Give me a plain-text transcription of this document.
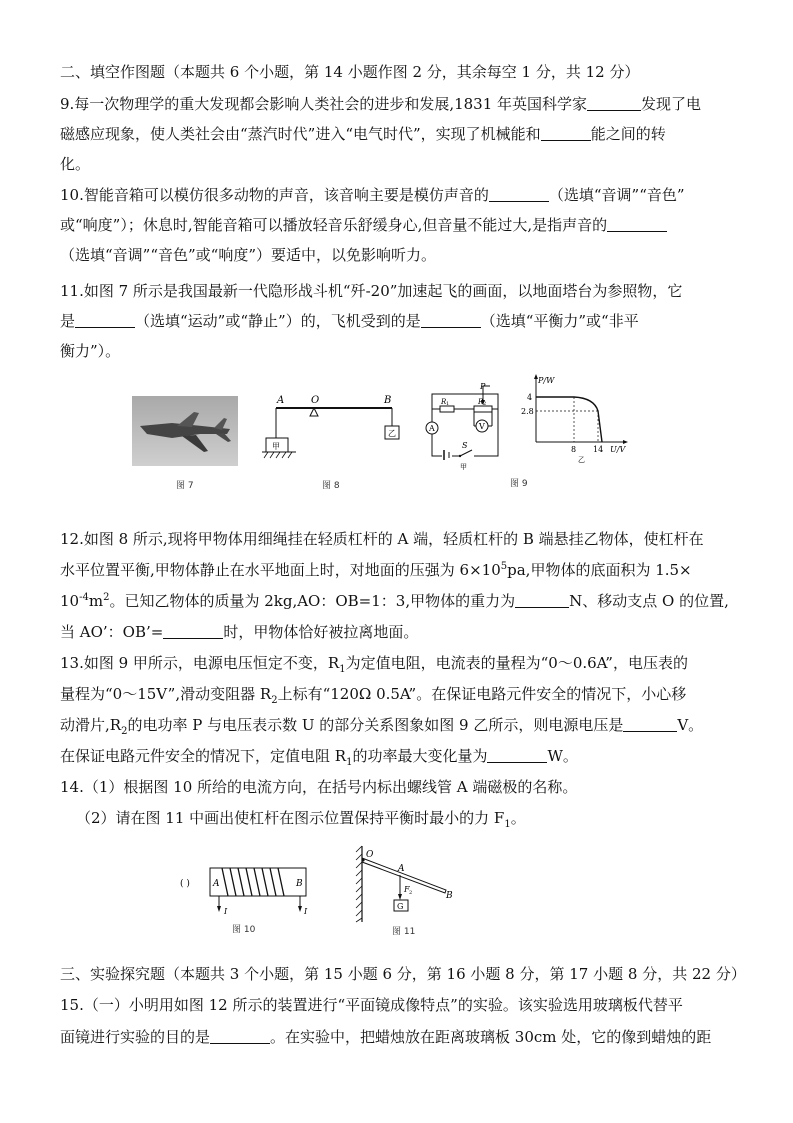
二、填空作图题（本题共 6 个小题，第 14 小题作图 2 分，其余每空 1 分，共 12 分）
9.每一次物理学的重大发现都会影响人类社会的进步和发展,1831 年英国科学家	发现了电
磁感应现象，使人类社会由“蒸汽时代”进入“电气时代”，实现了机械能和	能之间的转
化。
10.智能音箱可以模仿很多动物的声音，该音响主要是模仿声音的	（选填“音调”“音色”
或“响度”）；休息时,智能音箱可以播放轻音乐舒缓身心,但音量不能过大,是指声音的
（选填“音调”“音色”或“响度”）要适中，以免影响听力。
11.如图 7 所示是我国最新一代隐形战斗机“歼-20”加速起飞的画面，以地面塔台为参照物，它
是	（选填“运动”或“静止”）的，飞机受到的是	（选填“平衡力”或“非平
衡力”）。
图 7
A	O	B
甲
乙
图 8
P
R 1	R 2
A	V
S
甲
P/W
4
2.8
8 14 U/V
乙
图 9
12.如图 8 所示,现将甲物体用细绳挂在轻质杠杆的 A 端，轻质杠杆的 B 端悬挂乙物体，使杠杆在
水平位置平衡,甲物体静止在水平地面上时，对地面的压强为 $6\times 10^5pa$,甲物体的底面积为 1.5×
$10^{-4}m^2$。已知乙物体的质量为 2kg,AO：OB=1：3,甲物体的重力为	N、移动支点 O 的位置,
当 AO’：OB’=	时，甲物体恰好被拉离地面。
13.如图 9 甲所示，电源电压恒定不变，$R_1$为定值电阻，电流表的量程为“0～0.6A”，电压表的
量程为“0～15V”,滑动变阻器 $R_2$上标有“120Ω 0.5A”。在保证电路元件安全的情况下，小心移
动滑片$,R_2$的电功率 P 与电压表示数 U 的部分关系图象如图 9 乙所示，则电源电压是	V。
在保证电路元件安全的情况下，定值电阻 $R_1$的功率最大变化量为	W。
14.（1）根据图 10 所给的电流方向，在括号内标出螺线管 A 端磁极的名称。
（2）请在图 11 中画出使杠杆在图示位置保持平衡时最小的力 $F_1$。
( )	A	B
I	I
图 10
O
A
B
F 2
G
图 11
三、实验探究题（本题共 3 个小题，第 15 小题 6 分，第 16 小题 8 分，第 17 小题 8 分，共 22 分）
15.（一）小明用如图 12 所示的装置进行“平面镜成像特点”的实验。该实验选用玻璃板代替平
面镜进行实验的目的是	。在实验中，把蜡烛放在距离玻璃板 30cm 处，它的像到蜡烛的距
